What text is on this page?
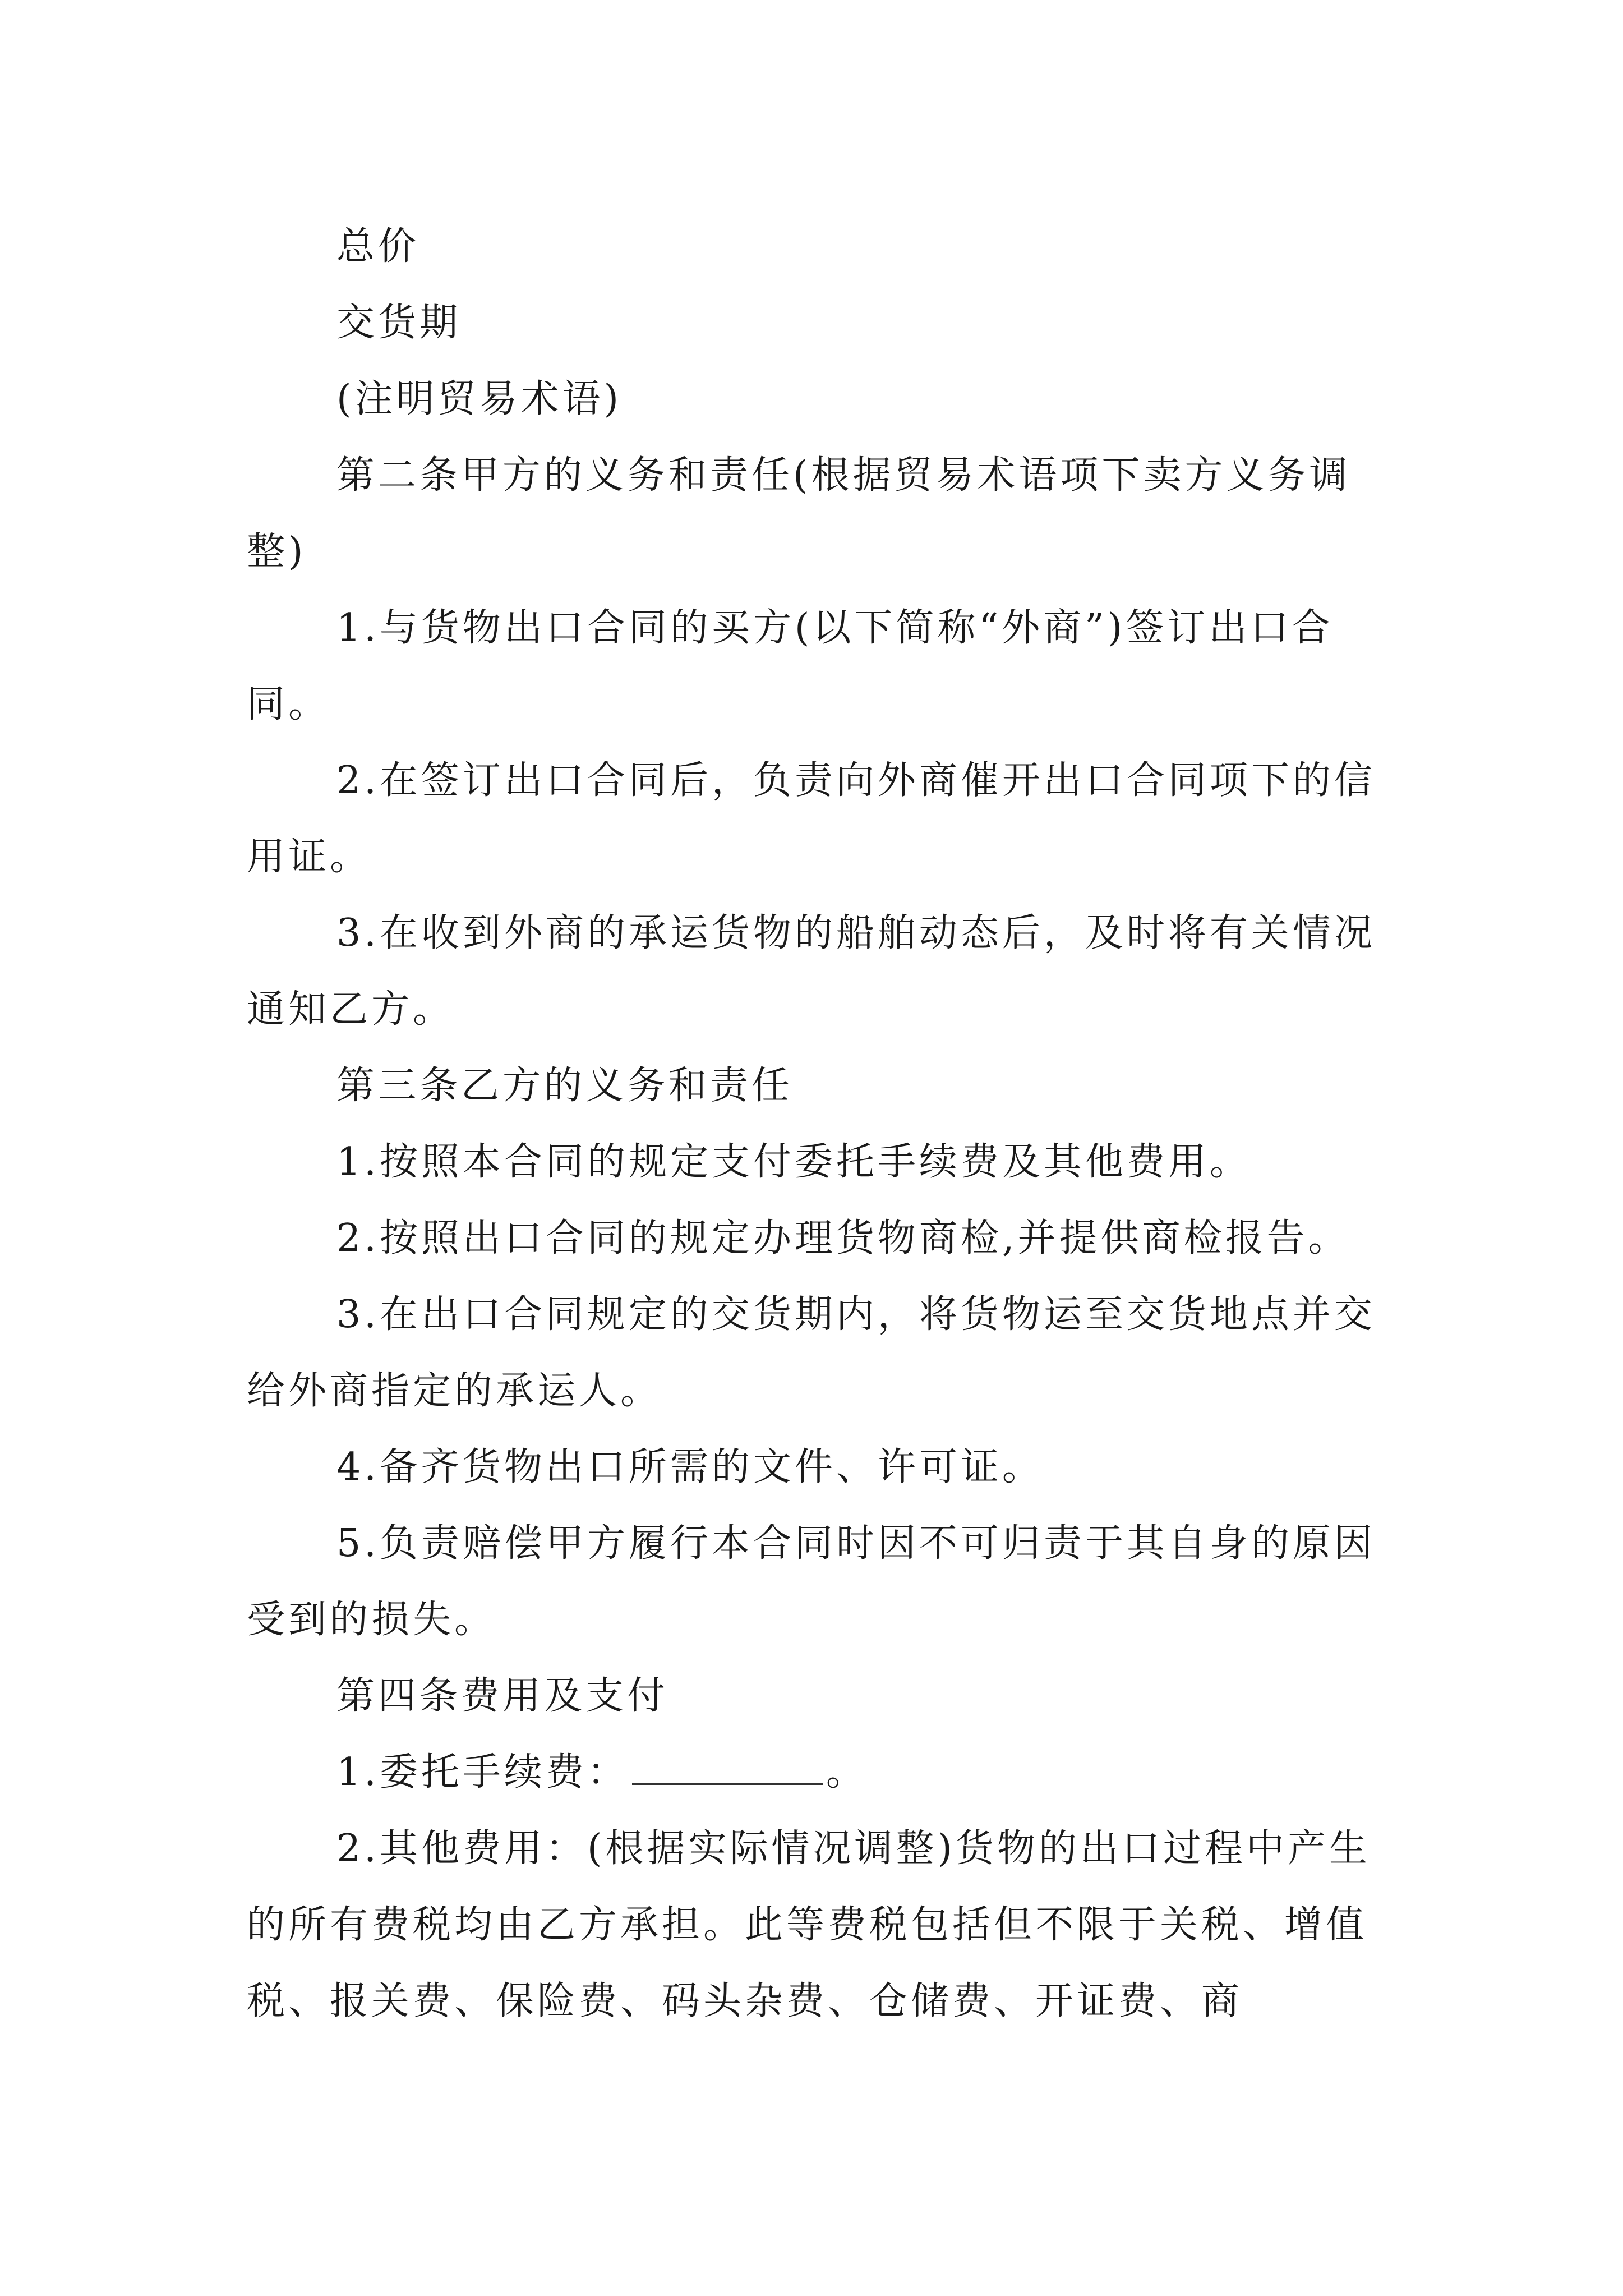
总价

交货期

(注明贸易术语)

第二条甲方的义务和责任(根据贸易术语项下卖方义务调整)

1.与货物出口合同的买方(以下简称“外商”)签订出口合同。

2.在签订出口合同后，负责向外商催开出口合同项下的信用证。

3.在收到外商的承运货物的船舶动态后，及时将有关情况通知乙方。

第三条乙方的义务和责任

1.按照本合同的规定支付委托手续费及其他费用。

2.按照出口合同的规定办理货物商检,并提供商检报告。

3.在出口合同规定的交货期内，将货物运至交货地点并交给外商指定的承运人。

4.备齐货物出口所需的文件、许可证。

5.负责赔偿甲方履行本合同时因不可归责于其自身的原因受到的损失。

第四条费用及支付

1.委托手续费：	。

2.其他费用：(根据实际情况调整)货物的出口过程中产生的所有费税均由乙方承担。此等费税包括但不限于关税、增值税、报关费、保险费、码头杂费、仓储费、开证费、商
